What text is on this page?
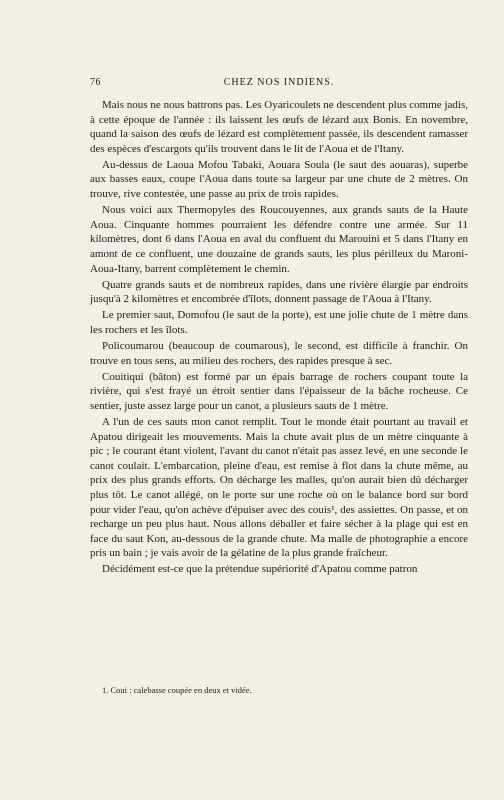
76	CHEZ NOS INDIENS.

Mais nous ne nous battrons pas. Les Oyaricoulets ne descendent plus comme jadis, à cette époque de l'année : ils laissent les œufs de lézard aux Bonis. En novembre, quand la saison des œufs de lézard est complètement passée, ils descendent ramasser des espèces d'escargots qu'ils trouvent dans le lit de l'Aoua et de l'Itany.

Au-dessus de Laoua Mofou Tabaki, Aouara Soula (le saut des aouaras), superbe aux basses eaux, coupe l'Aoua dans toute sa largeur par une chute de 2 mètres. On trouve, rive contestée, une passe au prix de trois rapides.

Nous voici aux Thermopyles des Roucouyennes, aux grands sauts de la Haute Aoua. Cinquante hommes pourraient les défendre contre une armée. Sur 11 kilomètres, dont 6 dans l'Aoua en aval du confluent du Marouini et 5 dans l'Itany en amont de ce confluent, une douzaine de grands sauts, les plus périlleux du Maroni-Aoua-Itany, barrent complètement le chemin.

Quatre grands sauts et de nombreux rapides, dans une rivière élargie par endroits jusqu'à 2 kilomètres et encombrée d'îlots, donnent passage de l'Aoua à l'Itany.

Le premier saut, Domofou (le saut de la porte), est une jolie chute de 1 mètre dans les rochers et les îlots.

Policoumarou (beaucoup de coumarous), le second, est difficile à franchir. On trouve en tous sens, au milieu des rochers, des rapides presque à sec.

Couitiqui (bâton) est formé par un épais barrage de rochers coupant toute la rivière, qui s'est frayé un étroit sentier dans l'épaisseur de la bâche rocheuse. Ce sentier, juste assez large pour un canot, a plusieurs sauts de 1 mètre.

A l'un de ces sauts mon canot remplit. Tout le monde était pourtant au travail et Apatou dirigeait les mouvements. Mais la chute avait plus de un mètre cinquante à pic ; le courant étant violent, l'avant du canot n'était pas assez levé, en une seconde le canot coulait. L'embarcation, pleine d'eau, est remise à flot dans la chute même, au prix des plus grands efforts. On décharge les malles, qu'on aurait bien dû décharger plus tôt. Le canot allégé, on le porte sur une roche où on le balance bord sur bord pour vider l'eau, qu'on achève d'épuiser avec des couis¹, des assiettes. On passe, et on recharge un peu plus haut. Nous allons déballer et faire sécher à la plage qui est en face du saut Kon, au-dessous de la grande chute. Ma malle de photographie a encore pris un bain ; je vais avoir de la gélatine de la plus grande fraîcheur.

Décidément est-ce que la prétendue supériorité d'Apatou comme patron

1. Coui : calebasse coupée en deux et vidée.
